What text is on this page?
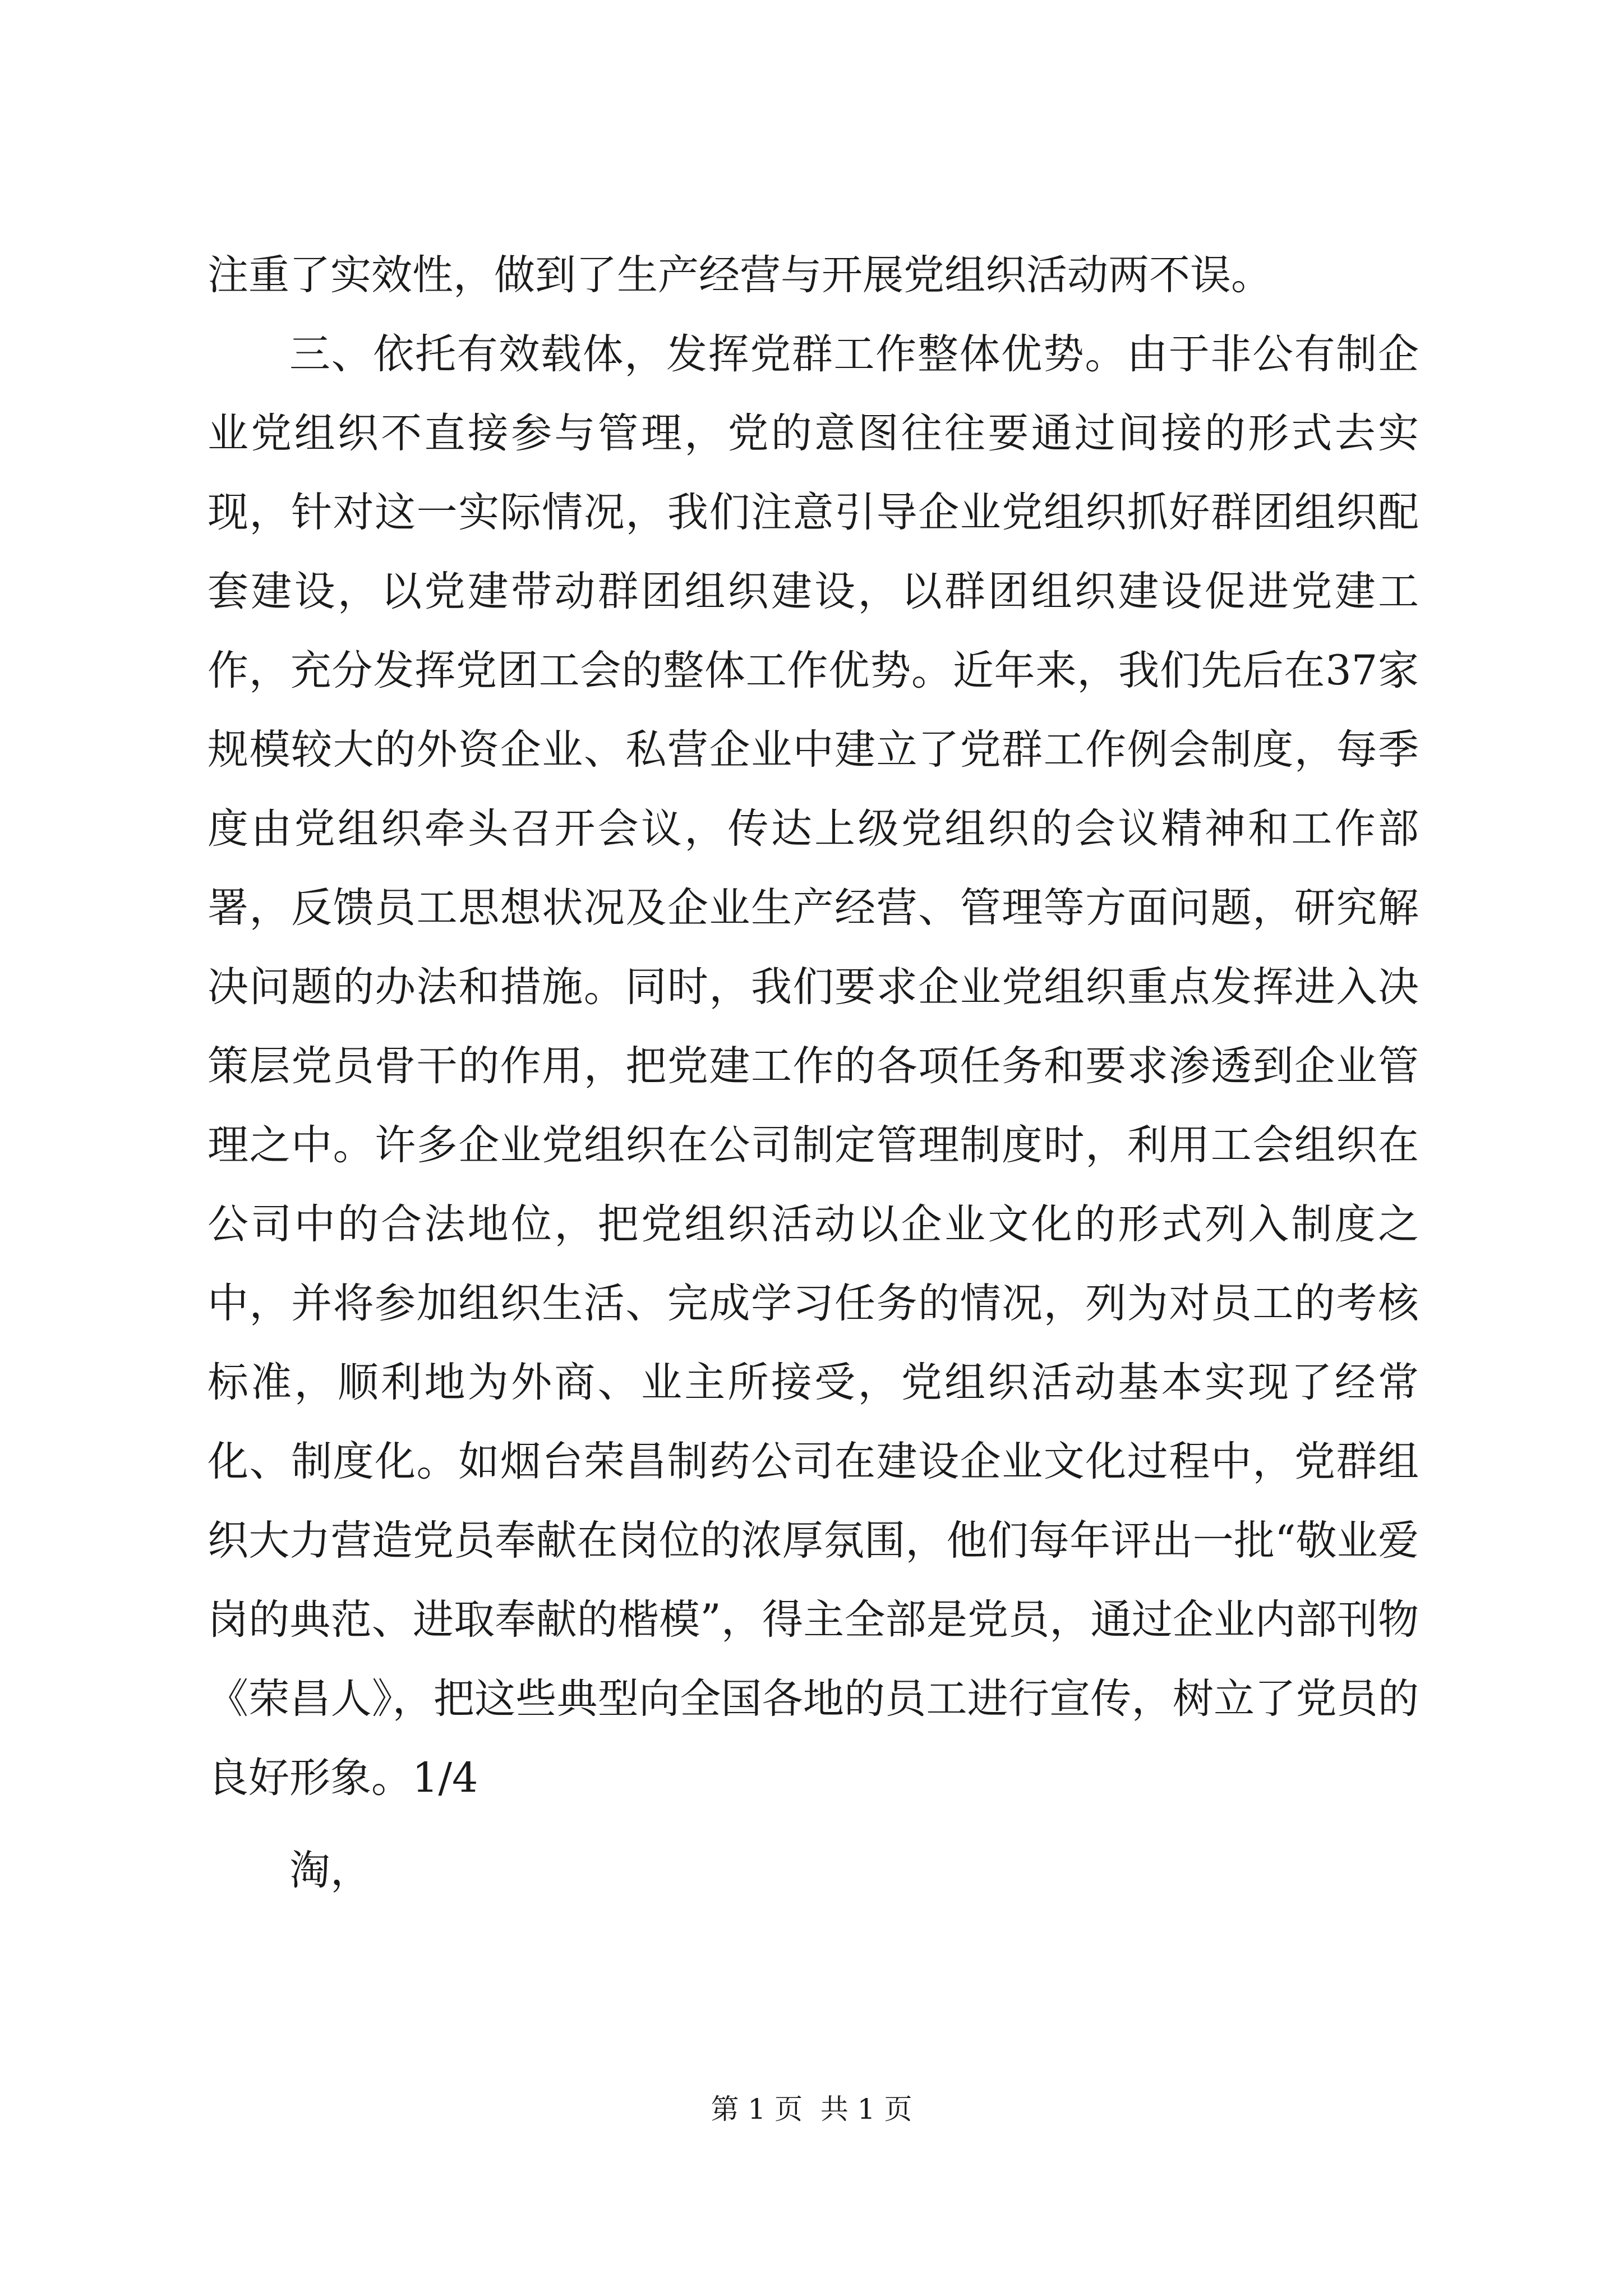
注重了实效性，做到了生产经营与开展党组织活动两不误。

三、依托有效载体，发挥党群工作整体优势。由于非公有制企业党组织不直接参与管理，党的意图往往要通过间接的形式去实现，针对这一实际情况，我们注意引导企业党组织抓好群团组织配套建设，以党建带动群团组织建设，以群团组织建设促进党建工作，充分发挥党团工会的整体工作优势。近年来，我们先后在37家规模较大的外资企业、私营企业中建立了党群工作例会制度，每季度由党组织牵头召开会议，传达上级党组织的会议精神和工作部署，反馈员工思想状况及企业生产经营、管理等方面问题，研究解决问题的办法和措施。同时，我们要求企业党组织重点发挥进入决策层党员骨干的作用，把党建工作的各项任务和要求渗透到企业管理之中。许多企业党组织在公司制定管理制度时，利用工会组织在公司中的合法地位，把党组织活动以企业文化的形式列入制度之中，并将参加组织生活、完成学习任务的情况，列为对员工的考核标准，顺利地为外商、业主所接受，党组织活动基本实现了经常化、制度化。如烟台荣昌制药公司在建设企业文化过程中，党群组织大力营造党员奉献在岗位的浓厚氛围，他们每年评出一批“敬业爱岗的典范、进取奉献的楷模”，得主全部是党员，通过企业内部刊物《荣昌人》，把这些典型向全国各地的员工进行宣传，树立了党员的良好形象。1/4

淘，

第 1 页 共 1 页
